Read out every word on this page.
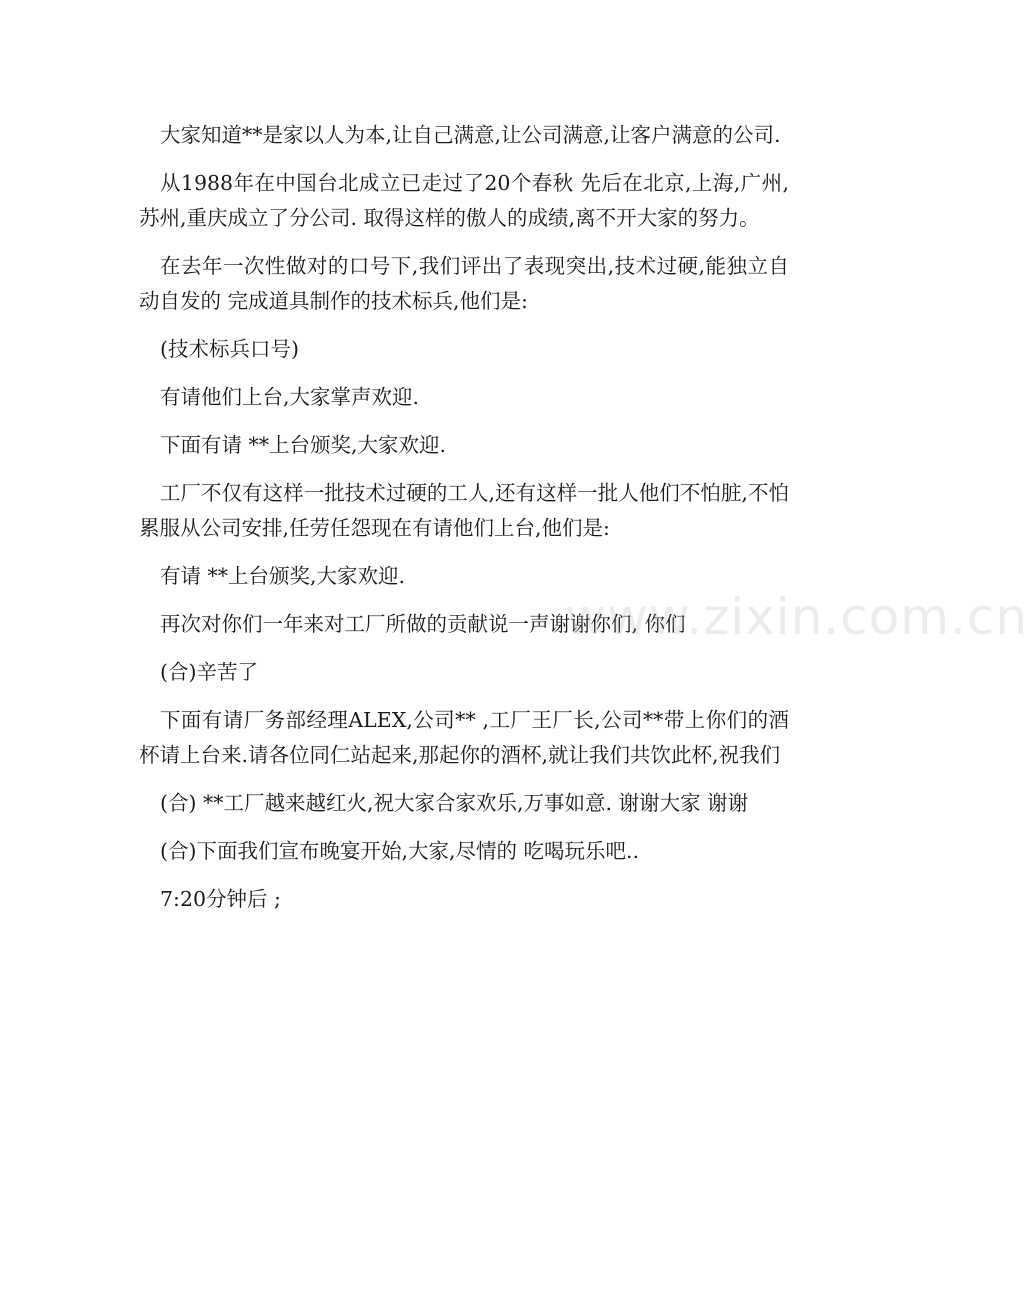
大家知道**是家以人为本,让自己满意,让公司满意,让客户满意的公司.

从1988年在中国台北成立已走过了20个春秋 先后在北京,上海,广州,苏州,重庆成立了分公司. 取得这样的傲人的成绩,离不开大家的努力。

在去年一次性做对的口号下,我们评出了表现突出,技术过硬,能独立自动自发的 完成道具制作的技术标兵,他们是:

(技术标兵口号)

有请他们上台,大家掌声欢迎.

下面有请 **上台颁奖,大家欢迎.

工厂不仅有这样一批技术过硬的工人,还有这样一批人他们不怕脏,不怕累服从公司安排,任劳任怨现在有请他们上台,他们是:

有请 **上台颁奖,大家欢迎.

再次对你们一年来对工厂所做的贡献说一声谢谢你们, 你们

(合)辛苦了

下面有请厂务部经理ALEX,公司** ,工厂王厂长,公司**带上你们的酒杯请上台来.请各位同仁站起来,那起你的酒杯,就让我们共饮此杯,祝我们

(合) **工厂越来越红火,祝大家合家欢乐,万事如意. 谢谢大家 谢谢

(合)下面我们宣布晚宴开始,大家,尽情的 吃喝玩乐吧..

7:20分钟后 ;

www.zixin.com.cn
